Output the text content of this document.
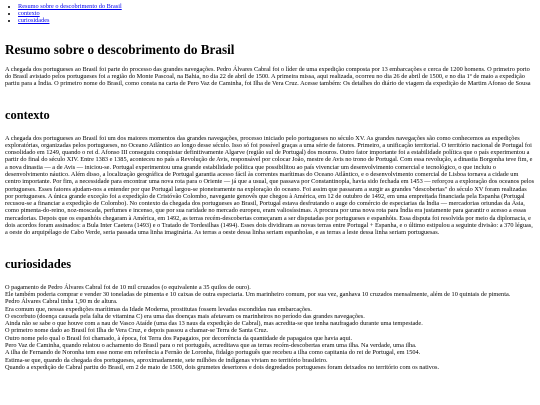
• Resumo sobre o descobrimento do Brasil
• contexto
• curiosidades
Resumo sobre o descobrimento do Brasil

A chegada dos portugueses ao Brasil foi parte do processo das grandes navegações. Pedro Álvares Cabral foi o líder de uma expedição composta por 13 embarcações e cerca de 1200 homens. O primeiro porto do Brasil avistado pelos portugueses foi a região do Monte Pascoal, na Bahia, no dia 22 de abril de 1500. A primeira missa, aqui realizada, ocorreu no dia 26 de abril de 1500, e no dia 1º de maio a expedição partiu para a Índia. O primeiro nome do Brasil, como consta na carta de Pero Vaz de Caminha, foi Ilha de Vera Cruz. Acesse também: Os detalhes do diário de viagem da expedição de Martim Afonso de Sousa

contexto

A chegada dos portugueses ao Brasil foi um dos maiores momentos das grandes navegações, processo iniciado pelo portugueses no século XV. As grandes navegações são como conhecemos as expedições exploratórias, organizadas pelos portugueses, no Oceano Atlântico ao longo desse século. Isso só foi possível graças a uma série de fatores. Primeiro, a unificação territorial. O território nacional de Portugal foi consolidado em 1249, quando o rei d. Afonso III conseguiu conquistar definitivamente Algarve (região sul de Portugal) dos mouros. Outro fator importante foi a estabilidade política que o país experimentou a partir do final do século XIV. Entre 1383 e 1385, aconteceu no país a Revolução de Avis, responsável por colocar João, mestre de Avis no trono de Portugal. Com essa revolução, a dinastia Borgonha teve fim, e a nova dinastia — a de Avis — iniciou-se. Portugal experimentou uma grande estabilidade política que possibilitou ao país vivenciar um desenvolvimento comercial e tecnológico, o que incluiu o desenvolvimento náutico. Além disso, a localização geográfica de Portugal garantia acesso fácil às correntes marítimas do Oceano Atlântico, e o desenvolvimento comercial de Lisboa tornava a cidade um centro importante. Por fim, a necessidade para encontrar uma nova rota para o Oriente — já que a usual, que passava por Constantinopla, havia sido fechada em 1453 — reforçou a exploração dos oceanos pelos portugueses. Esses fatores ajudam-nos a entender por que Portugal largou-se pioneiramente na exploração do oceano. Foi assim que passaram a surgir as grandes "descobertas" do século XV foram realizadas por portugueses. A única grande exceção foi a expedição de Cristóvão Colombo, navegante genovês que chegou à América, em 12 de outubro de 1492, em uma empreitada financiada pela Espanha (Portugal recusou-se a financiar a expedição de Colombo). No contexto da chegada dos portugueses ao Brasil, Portugal estava desfrutando o auge do comércio de especiarias da Índia — mercadorias oriundas da Ásia, como pimenta-do-reino, noz-moscada, perfumes e incenso, que por sua raridade no mercado europeu, eram valiosíssimas. A procura por uma nova rota para Índia era justamente para garantir o acesso a essas mercadorias. Depois que os espanhóis chegaram à América, em 1492, as terras recém-descobertas começaram a ser disputadas por portugueses e espanhóis. Essa disputa foi resolvida por meio da diplomacia, e dois acordos foram assinados: a Bula Inter Caetera (1493) e o Tratado de Tordesilhas (1494). Esses dois dividiram as novas terras entre Portugal + Espanha, e o último estipulou a seguinte divisão: a 370 léguas, a oeste do arquipélago de Cabo Verde, seria passada uma linha imaginária. As terras a oeste dessa linha seriam espanholas, e as terras a leste dessa linha seriam portuguesas.

curiosidades
O pagamento de Pedro Álvares Cabral foi de 10 mil cruzados (o equivalente a 35 quilos de ouro).
Ele também poderia comprar e vender 30 toneladas de pimenta e 10 caixas de outra especiaria. Um marinheiro comum, por sua vez, ganhava 10 cruzados mensalmente, além de 10 quintais de pimenta.
Pedro Álvares Cabral tinha 1,90 m de altura.
Era comum que, nessas expedições marítimas da Idade Moderna, prostitutas fossem levadas escondidas nas embarcações.
O escorbuto (doença causada pela falta de vitamina C) era uma das doenças mais afetavam os marinheiros no período das grandes navegações.
Ainda não se sabe o que houve com a nau de Vasco Ataíde (uma das 13 naus da expedição de Cabral), mas acredita-se que tenha naufragado durante uma tempestade.
O primeiro nome dado ao Brasil foi Ilha de Vera Cruz, e depois passou a chamar-se Terra de Santa Cruz.
Outro nome pelo qual o Brasil foi chamado, à época, foi Terra dos Papagaios, por decorrência da quantidade de papagaios que havia aqui.
Pero Vaz de Caminha, quando relatou o achamento do Brasil para o rei português, acreditava que as terras recém-descobertas eram uma ilha. Na verdade, uma ilha.
A ilha de Fernando de Noronha tem esse nome em referência a Fernão de Loronha, fidalgo português que recebeu a ilha como capitania do rei de Portugal, em 1504.
Estima-se que, quando da chegada dos portugueses, aproximadamente, sete milhões de indígenas viviam no território brasileiro.
Quando a expedição de Cabral partiu do Brasil, em 2 de maio de 1500, dois grumetes desertores e dois degredados portugueses foram deixados no território com os nativos.
